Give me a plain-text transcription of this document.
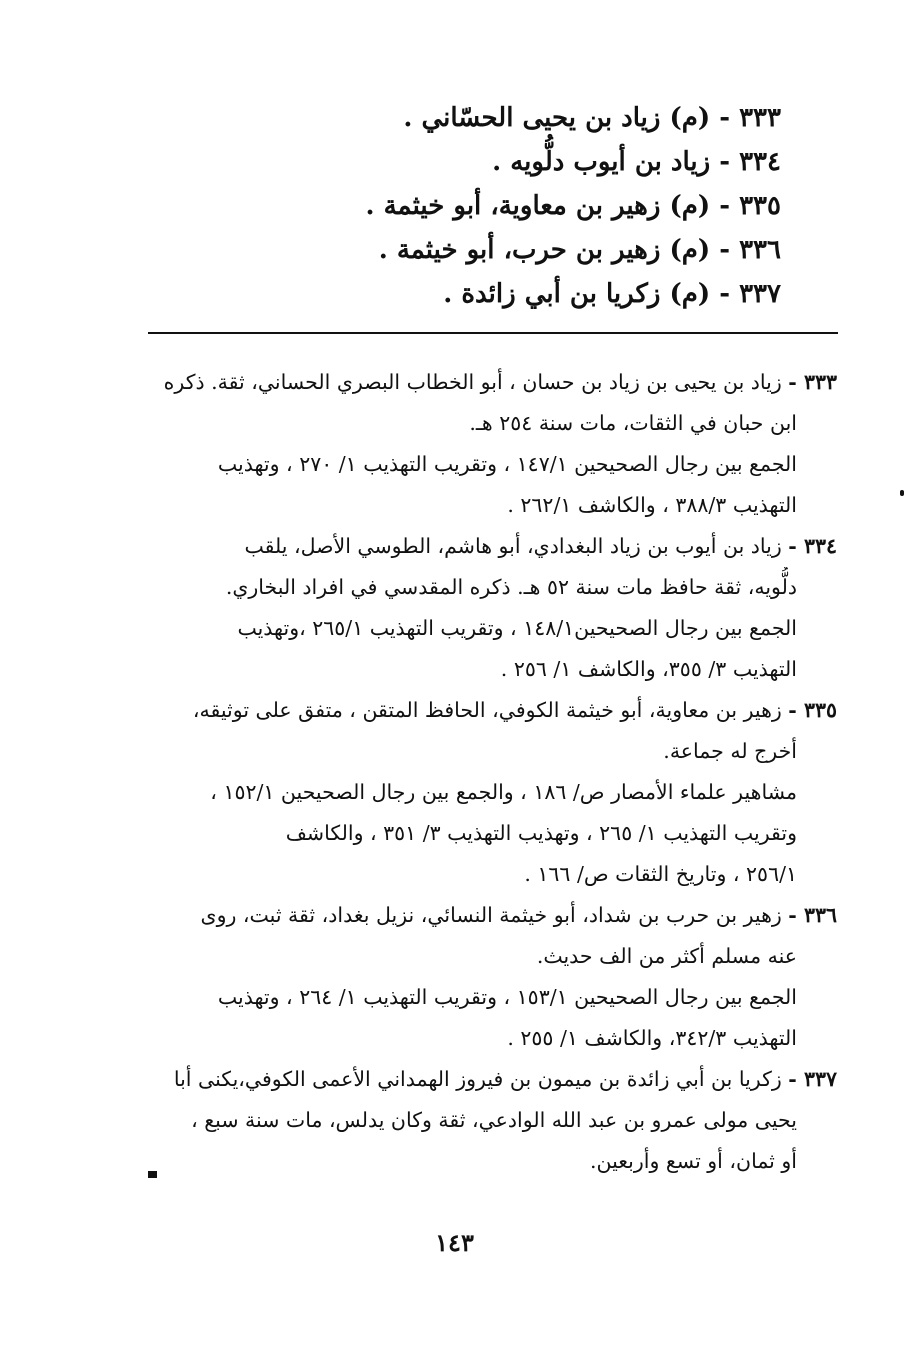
٣٣٣ - (م) زياد بن يحيى الحسّاني .
٣٣٤ - زياد بن أيوب دلُّويه .
٣٣٥ - (م) زهير بن معاوية، أبو خيثمة .
٣٣٦ - (م) زهير بن حرب، أبو خيثمة .
٣٣٧ - (م) زكريا بن أبي زائدة .
٣٣٣ - زياد بن يحيى بن زياد بن حسان ، أبو الخطاب البصري الحساني، ثقة. ذكره
ابن حبان في الثقات، مات سنة ٢٥٤ هـ.
الجمع بين رجال الصحيحين ١٤٧/١ ، وتقريب التهذيب ١/ ٢٧٠ ، وتهذيب
التهذيب ٣٨٨/٣ ، والكاشف ٢٦٢/١ .
٣٣٤ - زياد بن أيوب بن زياد البغدادي، أبو هاشم، الطوسي الأصل، يلقب
دلُّويه، ثقة حافظ مات سنة ٥٢ هـ. ذكره المقدسي في افراد البخاري.
الجمع بين رجال الصحيحين١٤٨/١ ، وتقريب التهذيب ٢٦٥/١ ،وتهذيب
التهذيب ٣/ ٣٥٥، والكاشف ١/ ٢٥٦ .
٣٣٥ - زهير بن معاوية، أبو خيثمة الكوفي، الحافظ المتقن ، متفق على توثيقه،
أخرج له جماعة.
مشاهير علماء الأمصار ص/ ١٨٦ ، والجمع بين رجال الصحيحين ١٥٢/١ ،
وتقريب التهذيب ١/ ٢٦٥ ، وتهذيب التهذيب ٣/ ٣٥١ ، والكاشف
٢٥٦/١ ، وتاريخ الثقات ص/ ١٦٦ .
٣٣٦ - زهير بن حرب بن شداد، أبو خيثمة النسائي، نزيل بغداد، ثقة ثبت، روى
عنه مسلم أكثر من الف حديث.
الجمع بين رجال الصحيحين ١٥٣/١ ، وتقريب التهذيب ١/ ٢٦٤ ، وتهذيب
التهذيب ٣٤٢/٣، والكاشف ١/ ٢٥٥ .
٣٣٧ - زكريا بن أبي زائدة بن ميمون بن فيروز الهمداني الأعمى الكوفي،يكنى أبا
يحيى مولى عمرو بن عبد الله الوادعي، ثقة وكان يدلس، مات سنة سبع ،
أو ثمان، أو تسع وأربعين.
١٤٣
